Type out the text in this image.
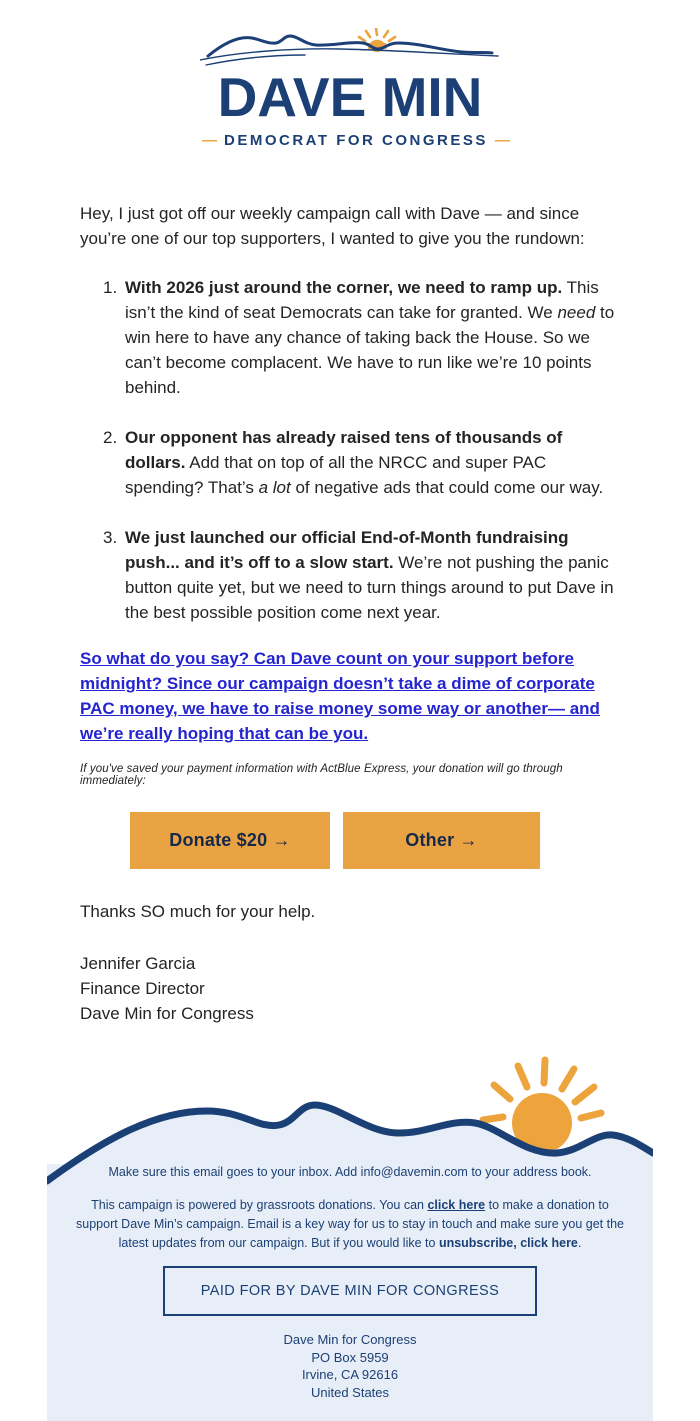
DAVE MIN
— DEMOCRAT FOR CONGRESS —

Hey, I just got off our weekly campaign call with Dave — and since you’re one of our top supporters, I wanted to give you the rundown:

1. With 2026 just around the corner, we need to ramp up. This isn’t the kind of seat Democrats can take for granted. We need to win here to have any chance of taking back the House. So we can’t become complacent. We have to run like we’re 10 points behind.
2. Our opponent has already raised tens of thousands of dollars. Add that on top of all the NRCC and super PAC spending? That’s a lot of negative ads that could come our way.
3. We just launched our official End-of-Month fundraising push... and it’s off to a slow start. We’re not pushing the panic button quite yet, but we need to turn things around to put Dave in the best possible position come next year.
So what do you say? Can Dave count on your support before midnight? Since our campaign doesn’t take a dime of corporate PAC money, we have to raise money some way or another— and we’re really hoping that can be you.

If you've saved your payment information with ActBlue Express, your donation will go through immediately:

Donate $20 →	Other →

Thanks SO much for your help.

Jennifer Garcia
Finance Director
Dave Min for Congress

Make sure this email goes to your inbox. Add info@davemin.com to your address book.

This campaign is powered by grassroots donations. You can click here to make a donation to support Dave Min’s campaign. Email is a key way for us to stay in touch and make sure you get the latest updates from our campaign. But if you would like to unsubscribe, click here.

PAID FOR BY DAVE MIN FOR CONGRESS
Dave Min for Congress
PO Box 5959
Irvine, CA 92616
United States
